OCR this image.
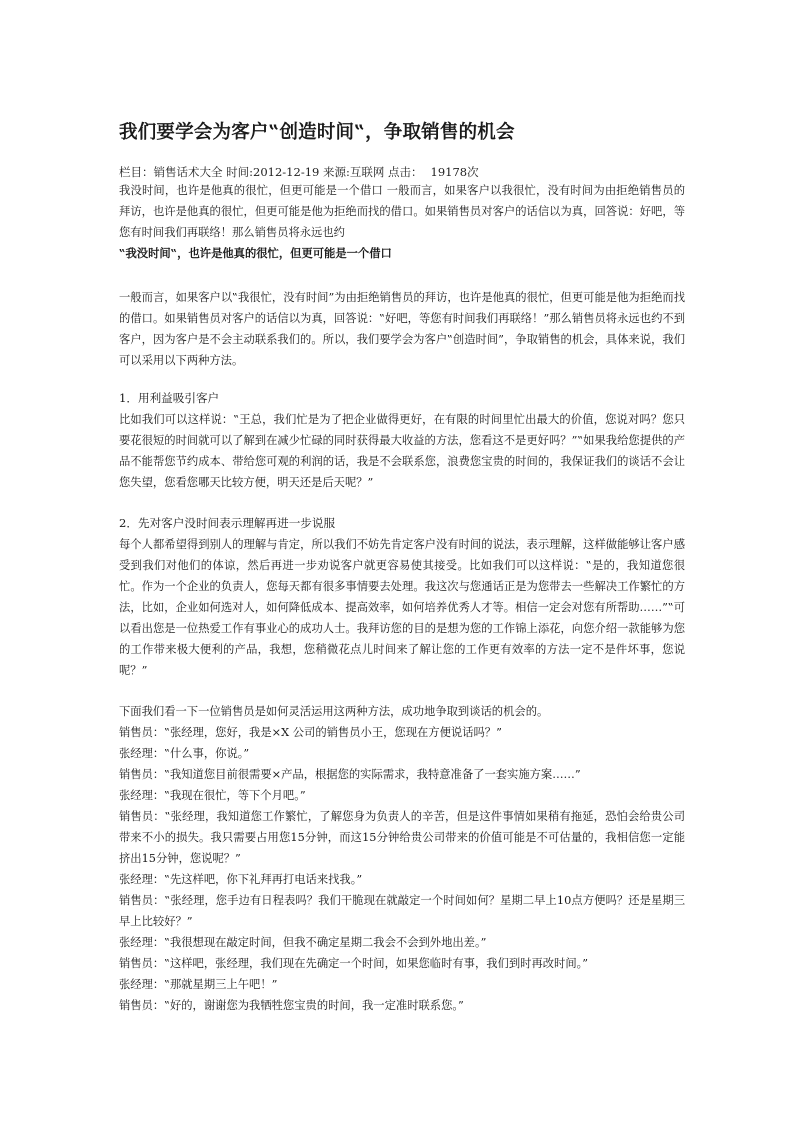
我们要学会为客户‟创造时间‟，争取销售的机会
栏目：销售话术大全 时间:2012-12-19 来源:互联网 点击： 19178次

我没时间，也许是他真的很忙，但更可能是一个借口 一般而言，如果客户以我很忙，没有时间为由拒绝销售员的拜访，也许是他真的很忙，但更可能是他为拒绝而找的借口。如果销售员对客户的话信以为真，回答说：好吧，等您有时间我们再联络！那么销售员将永远也约

‟我没时间‟，也许是他真的很忙，但更可能是一个借口

一般而言，如果客户以‟我很忙，没有时间”为由拒绝销售员的拜访，也许是他真的很忙，但更可能是他为拒绝而找的借口。如果销售员对客户的话信以为真，回答说：‟好吧，等您有时间我们再联络！”那么销售员将永远也约不到客户，因为客户是不会主动联系我们的。所以，我们要学会为客户‟创造时间”，争取销售的机会，具体来说，我们可以采用以下两种方法。

1．用利益吸引客户
比如我们可以这样说：‟王总，我们忙是为了把企业做得更好，在有限的时间里忙出最大的价值，您说对吗？您只要花很短的时间就可以了解到在减少忙碌的同时获得最大收益的方法，您看这不是更好吗？”‟如果我给您提供的产品不能帮您节约成本、带给您可观的利润的话，我是不会联系您，浪费您宝贵的时间的，我保证我们的谈话不会让您失望，您看您哪天比较方便，明天还是后天呢？”
2．先对客户没时间表示理解再进一步说服
每个人都希望得到别人的理解与肯定，所以我们不妨先肯定客户没有时间的说法，表示理解，这样做能够让客户感受到我们对他们的体谅，然后再进一步劝说客户就更容易使其接受。比如我们可以这样说：‟是的，我知道您很忙。作为一个企业的负责人，您每天都有很多事情要去处理。我这次与您通话正是为您带去一些解决工作繁忙的方法，比如，企业如何选对人，如何降低成本、提高效率，如何培养优秀人才等。相信一定会对您有所帮助……”‟可以看出您是一位热爱工作有事业心的成功人士。我拜访您的目的是想为您的工作锦上添花，向您介绍一款能够为您的工作带来极大便利的产品，我想，您稍微花点儿时间来了解让您的工作更有效率的方法一定不是件坏事，您说呢？”

下面我们看一下一位销售员是如何灵活运用这两种方法，成功地争取到谈话的机会的。

销售员：‟张经理，您好，我是×X 公司的销售员小王，您现在方便说话吗？”

张经理：‟什么事，你说。”

销售员：‟我知道您目前很需要×产品，根据您的实际需求，我特意准备了一套实施方案……”

张经理：‟我现在很忙，等下个月吧。”

销售员：‟张经理，我知道您工作繁忙，了解您身为负责人的辛苦，但是这件事情如果稍有拖延，恐怕会给贵公司带来不小的损失。我只需要占用您15分钟，而这15分钟给贵公司带来的价值可能是不可估量的，我相信您一定能挤出15分钟，您说呢？”

张经理：‟先这样吧，你下礼拜再打电话来找我。”

销售员：‟张经理，您手边有日程表吗？我们干脆现在就敲定一个时间如何？星期二早上10点方便吗？还是星期三早上比较好？”

张经理：‟我很想现在敲定时间，但我不确定星期二我会不会到外地出差。”

销售员：‟这样吧，张经理，我们现在先确定一个时间，如果您临时有事，我们到时再改时间。”

张经理：‟那就星期三上午吧！”

销售员：‟好的，谢谢您为我牺牲您宝贵的时间，我一定准时联系您。”
